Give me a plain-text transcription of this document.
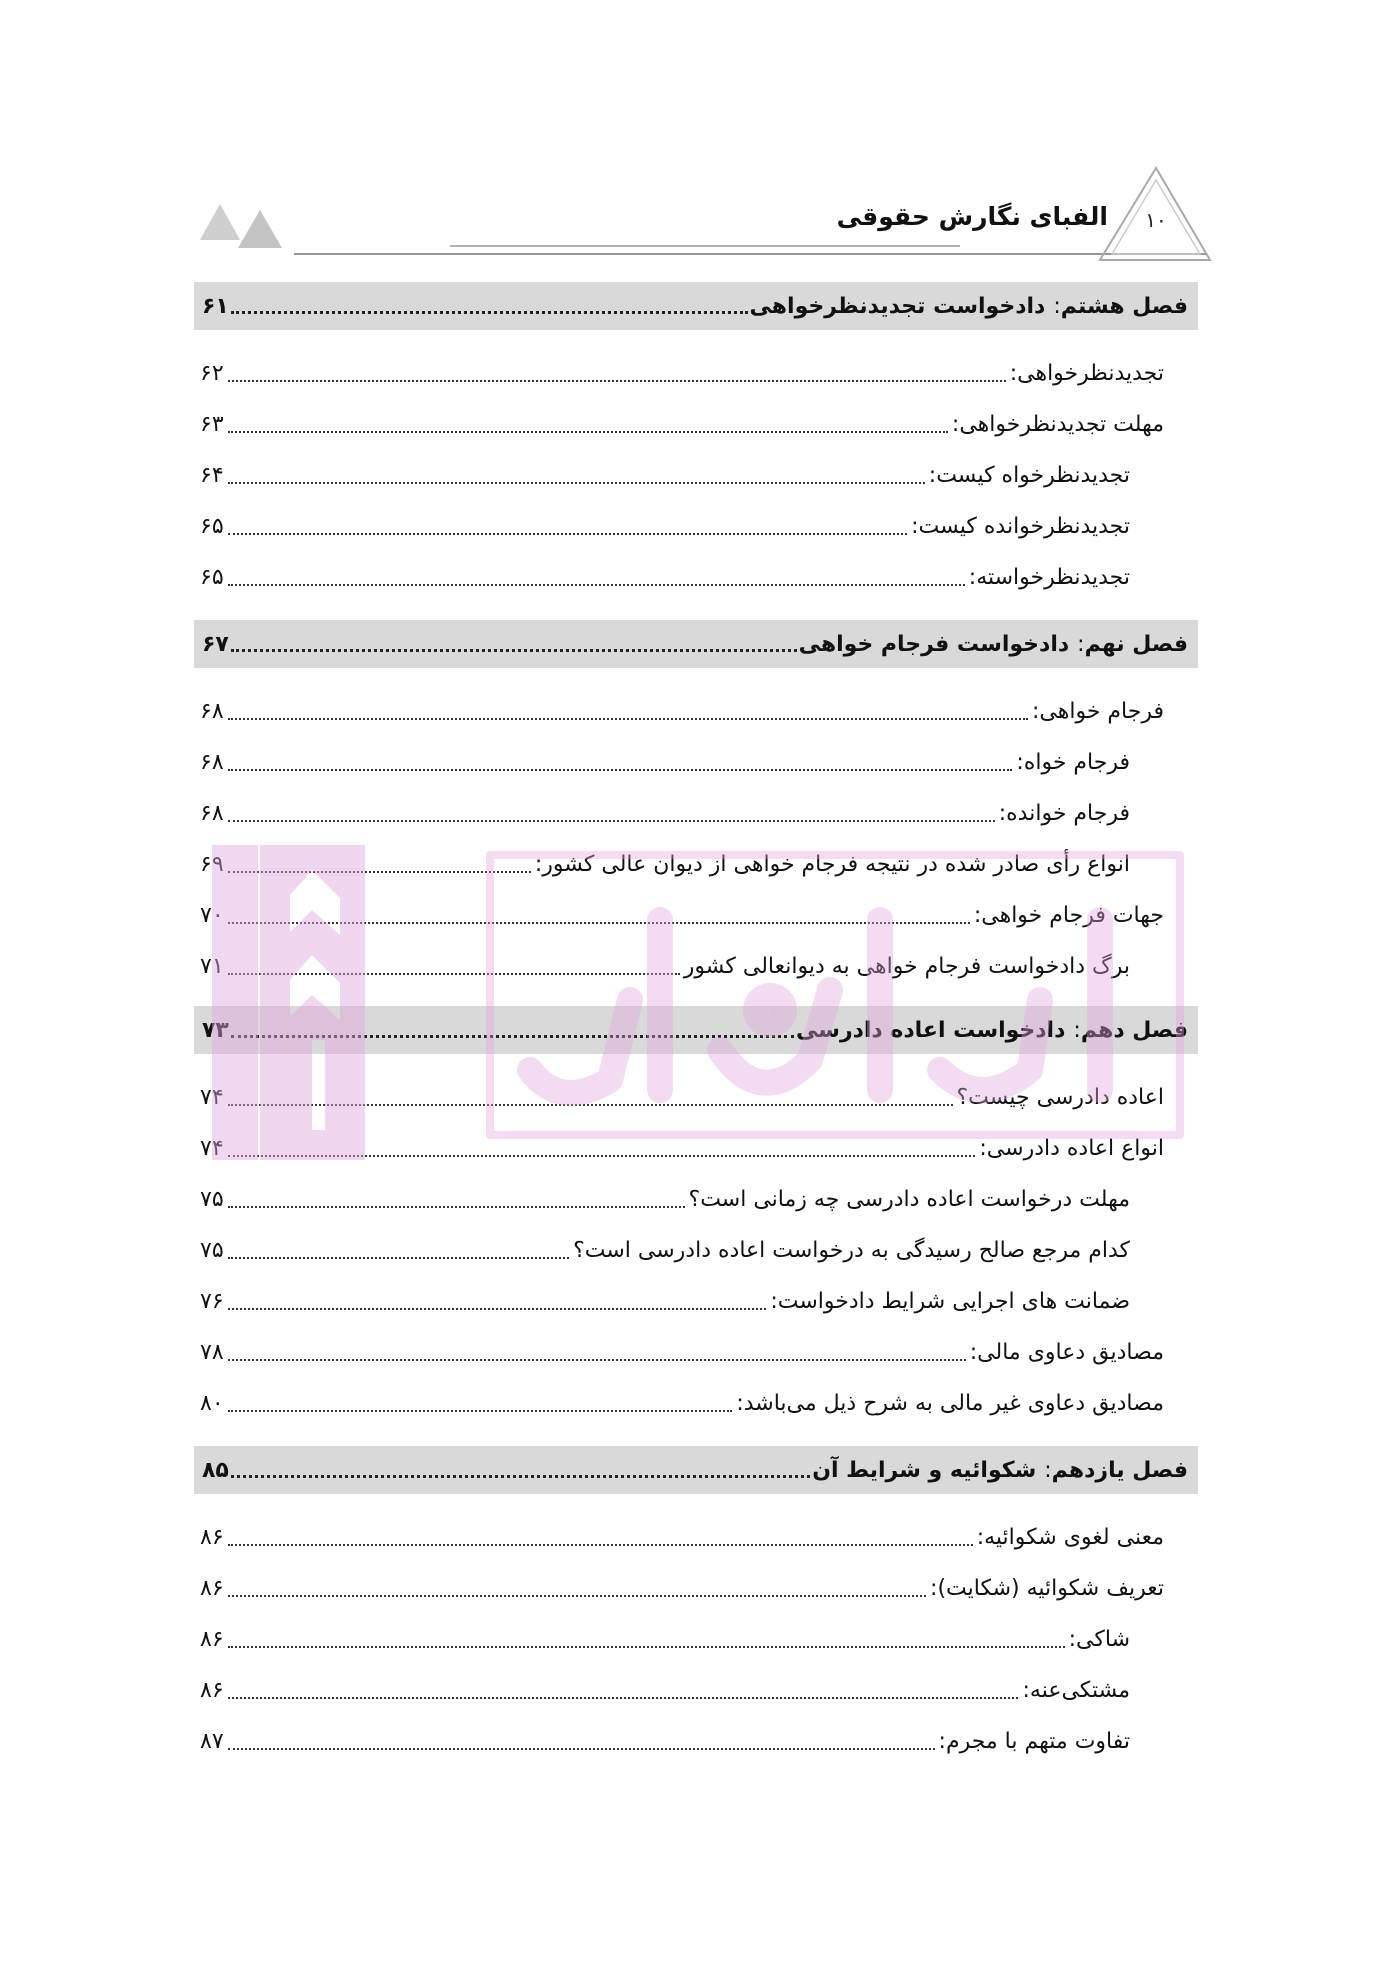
۱۰
الفبای نگارش حقوقی
فصل هشتم:دادخواست تجدیدنظرخواهی
۶۱
تجدیدنظرخواهی:
۶۲
مهلت تجدیدنظرخواهی:
۶۳
تجدیدنظرخواه کیست:
۶۴
تجدیدنظرخوانده کیست:
۶۵
تجدیدنظرخواسته:
۶۵
فصل نهم:دادخواست فرجام خواهی
۶۷
فرجام خواهی:
۶۸
فرجام خواه:
۶۸
فرجام خوانده:
۶۸
انواع رأی صادر شده در نتیجه فرجام خواهی از دیوان عالی کشور:
۶۹
جهات فرجام خواهی:
۷۰
برگ دادخواست فرجام خواهی به دیوانعالی کشور
۷۱
فصل دهم:دادخواست اعاده دادرسی
۷۳
اعاده دادرسی چیست؟
۷۴
انواع اعاده دادرسی:
۷۴
مهلت درخواست اعاده دادرسی چه زمانی است؟
۷۵
کدام مرجع صالح رسیدگی به درخواست اعاده دادرسی است؟
۷۵
ضمانت های اجرایی شرایط دادخواست:
۷۶
مصادیق دعاوی مالی:
۷۸
مصادیق دعاوی غیر مالی به شرح ذیل می‌باشد:
۸۰
فصل یازدهم:شکوائیه و شرایط آن
۸۵
معنی لغوی شکوائیه:
۸۶
تعریف شکوائیه (شکایت):
۸۶
شاکی:
۸۶
مشتکی‌عنه:
۸۶
تفاوت متهم با مجرم:
۸۷
